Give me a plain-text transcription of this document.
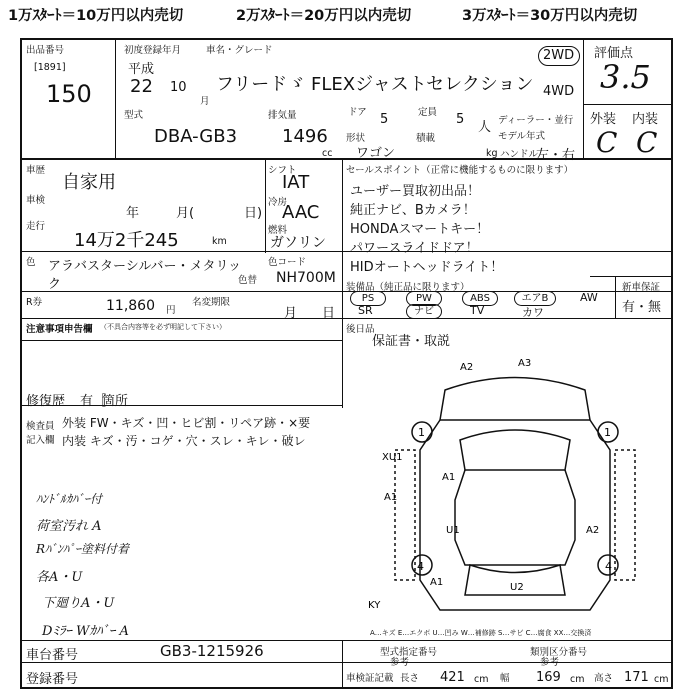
1万ｽﾀｰﾄ＝10万円以内売切	2万ｽﾀｰﾄ＝20万円以内売切	3万ｽﾀｰﾄ＝30万円以内売切
出品番号
[1891]
150
初度登録年月	車名・グレード
平成
22 10
月
フリードゞ FLEXジャストセレクション
型式
DBA-GB3
排気量
1496
cc
ドア 5	定員 5
人
形状
ワゴン
積載
kg ハンドル
左・右
ディーラー・並行
モデル年式
2WD
4WD
評価点
3.5
外装 内装
C C
車歴
自家用
車検
年	月(	日)
走行
14万2千245	km
シフト
IAT
冷房
AAC
燃料
ガソリン
セールスポイント（正常に機能するものに限ります）
ユーザー買取初出品！
純正ナビ、Bカメラ！
HONDAスマートキー！
パワースライドドア！
HIDオートヘッドライト！
色 アラバスターシルバー・メタリック
色コード
色替 NH700M
R券	11,860 円
名変期限
月 日
装備品（純正品に限ります）
PS	PW	ABS	エアB	AW
SR	ナビ	TV	カワ
新車保証
有・無
後日品
保証書・取説
注意事項申告欄 （不具合内容等を必ず明記して下さい）
修復歴 有［
箇所
検査員
記入欄
外装 FW・キズ・凹・ヒビ割・リペア跡・×要
内装 キズ・汚・コゲ・穴・スレ・キレ・破レ
ﾊﾝﾄﾞﾙｶﾊﾞｰ付
荷室汚れ A
Rﾊﾞﾝﾊﾟｰ塗料付着
各A・U
下廻りA・U
Dﾐﾗｰ Wｶﾊﾞｰ A
A2	A3
A1
XU1
A1
A1
U1	A2
4	4
U2
1	1
KY
A…キズ E…エクボ U…凹み W…補修跡 S…サビ C…腐食 XX…交換済
車台番号	GB3-1215926
登録番号
型式指定番号	類別区分番号
参考	参考
車検証記載 長さ 421 cm 幅 169 cm 高さ 171 cm
